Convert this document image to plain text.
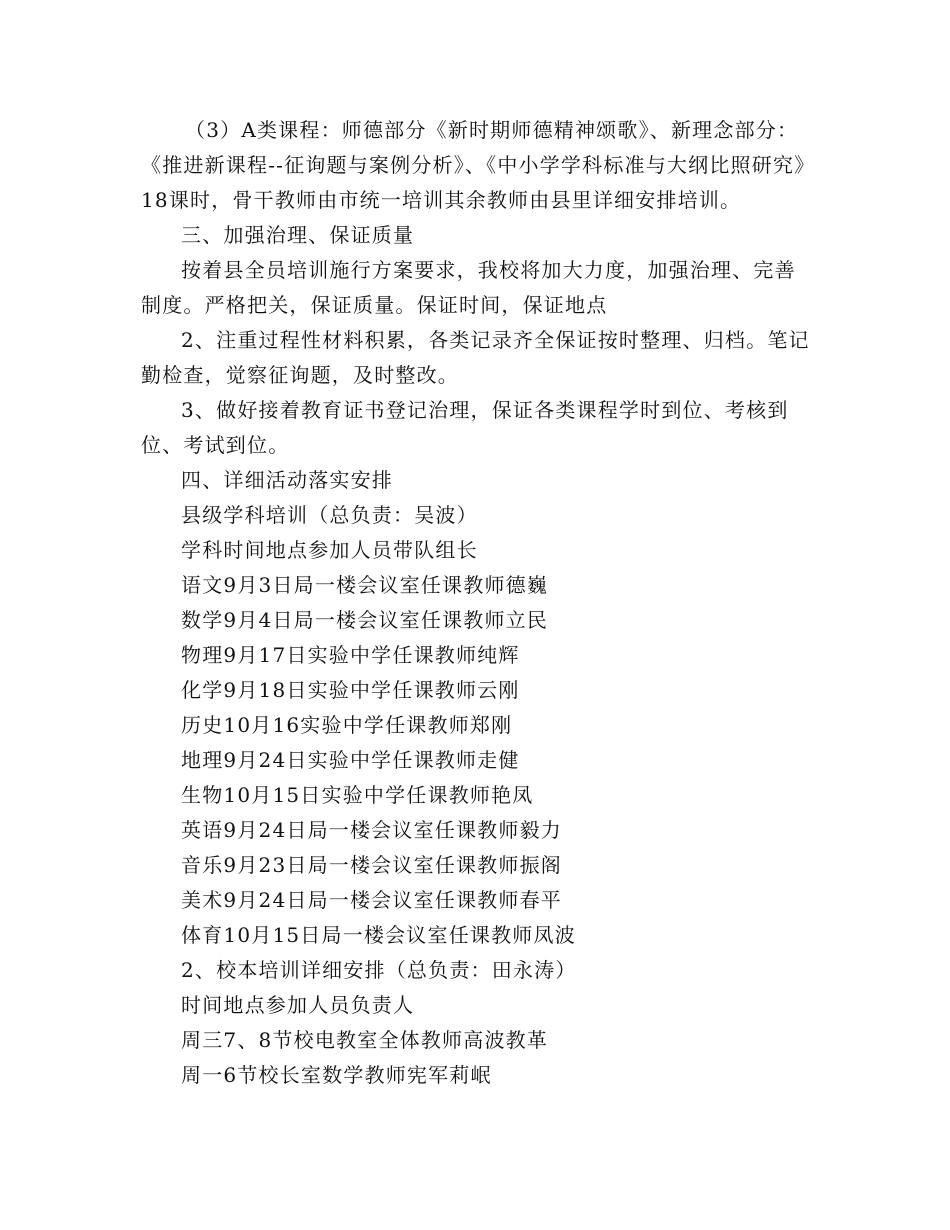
（3）A类课程：师德部分《新时期师德精神颂歌》、新理念部分：《推进新课程--征询题与案例分析》、《中小学学科标准与大纲比照研究》18课时，骨干教师由市统一培训其余教师由县里详细安排培训。

三、加强治理、保证质量

按着县全员培训施行方案要求，我校将加大力度，加强治理、完善制度。严格把关，保证质量。保证时间，保证地点

2、注重过程性材料积累，各类记录齐全保证按时整理、归档。笔记勤检查，觉察征询题，及时整改。

3、做好接着教育证书登记治理，保证各类课程学时到位、考核到位、考试到位。

四、详细活动落实安排

县级学科培训（总负责：吴波）

学科时间地点参加人员带队组长

语文9月3日局一楼会议室任课教师德巍

数学9月4日局一楼会议室任课教师立民

物理9月17日实验中学任课教师纯辉

化学9月18日实验中学任课教师云刚

历史10月16实验中学任课教师郑刚

地理9月24日实验中学任课教师走健

生物10月15日实验中学任课教师艳凤

英语9月24日局一楼会议室任课教师毅力

音乐9月23日局一楼会议室任课教师振阁

美术9月24日局一楼会议室任课教师春平

体育10月15日局一楼会议室任课教师凤波

2、校本培训详细安排（总负责：田永涛）

时间地点参加人员负责人

周三7、8节校电教室全体教师高波教革

周一6节校长室数学教师宪军莉岷
